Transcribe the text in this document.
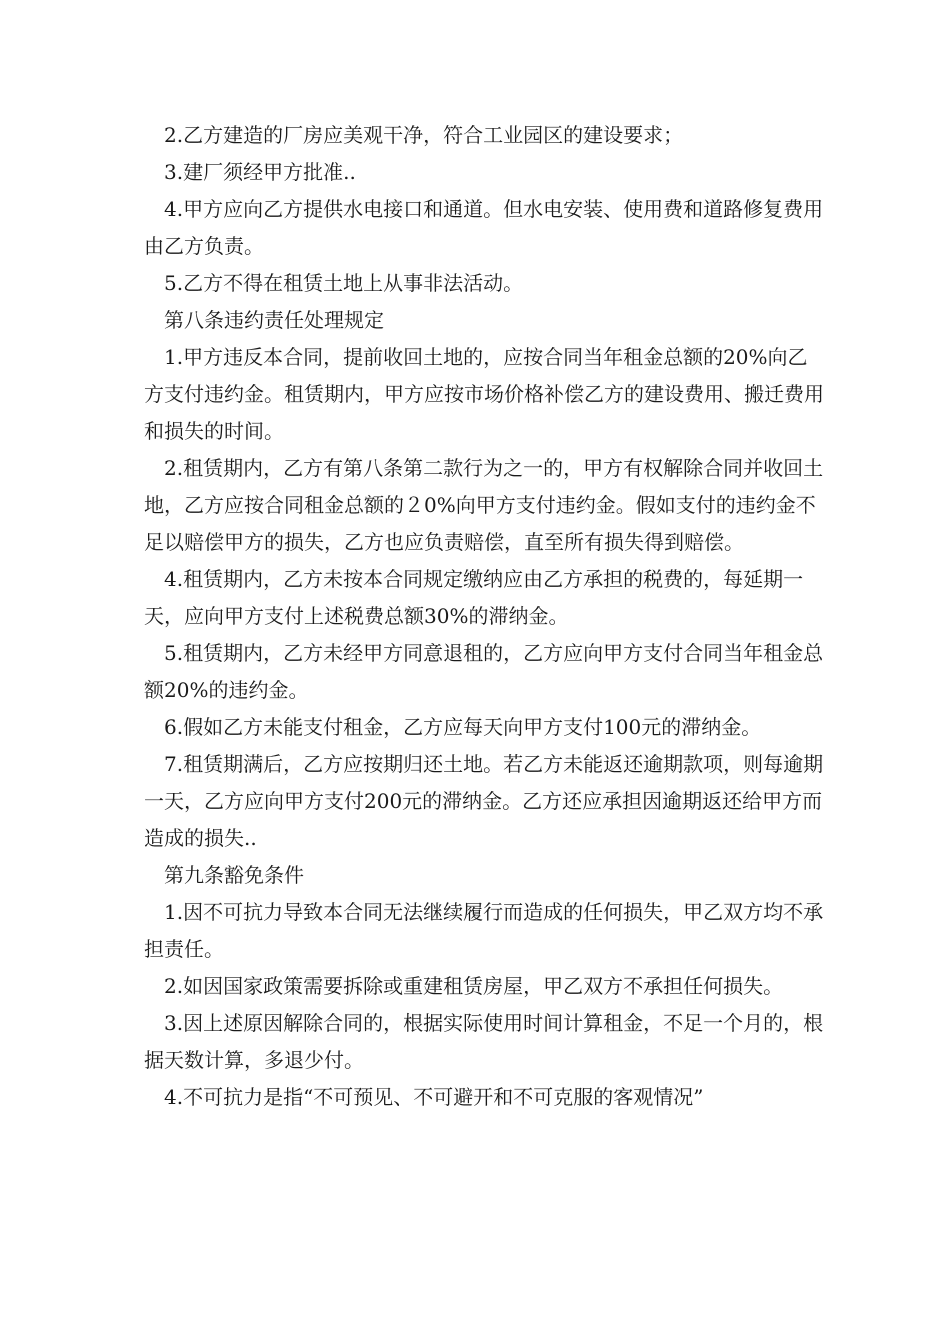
2.乙方建造的厂房应美观干净，符合工业园区的建设要求；

3.建厂须经甲方批准..

4.甲方应向乙方提供水电接口和通道。但水电安装、使用费和道路修复费用由乙方负责。

5.乙方不得在租赁土地上从事非法活动。

第八条违约责任处理规定

1.甲方违反本合同，提前收回土地的，应按合同当年租金总额的20%向乙方支付违约金。租赁期内，甲方应按市场价格补偿乙方的建设费用、搬迁费用和损失的时间。

2.租赁期内，乙方有第八条第二款行为之一的，甲方有权解除合同并收回土地，乙方应按合同租金总额的２0%向甲方支付违约金。假如支付的违约金不足以赔偿甲方的损失，乙方也应负责赔偿，直至所有损失得到赔偿。

4.租赁期内，乙方未按本合同规定缴纳应由乙方承担的税费的，每延期一天，应向甲方支付上述税费总额30%的滞纳金。

5.租赁期内，乙方未经甲方同意退租的，乙方应向甲方支付合同当年租金总额20%的违约金。

6.假如乙方未能支付租金，乙方应每天向甲方支付100元的滞纳金。

7.租赁期满后，乙方应按期归还土地。若乙方未能返还逾期款项，则每逾期一天，乙方应向甲方支付200元的滞纳金。乙方还应承担因逾期返还给甲方而造成的损失..

第九条豁免条件

1.因不可抗力导致本合同无法继续履行而造成的任何损失，甲乙双方均不承担责任。

2.如因国家政策需要拆除或重建租赁房屋，甲乙双方不承担任何损失。

3.因上述原因解除合同的，根据实际使用时间计算租金，不足一个月的，根据天数计算，多退少付。

4.不可抗力是指“不可预见、不可避开和不可克服的客观情况”
